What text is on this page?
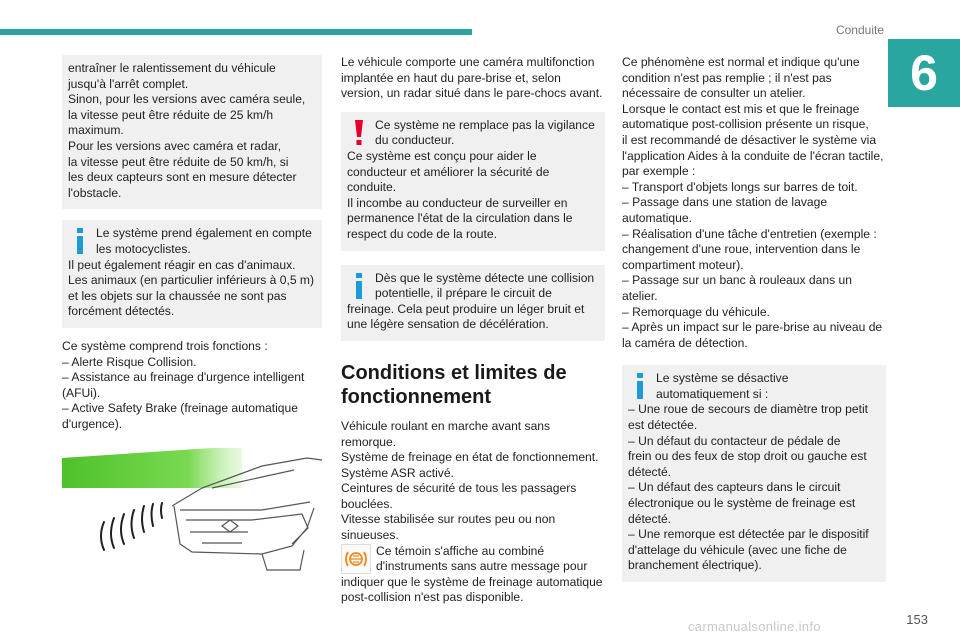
Conduite
6

entraîner le ralentissement du véhicule

jusqu'à l'arrêt complet.

Sinon, pour les versions avec caméra seule,

la vitesse peut être réduite de 25 km/h

maximum.

Pour les versions avec caméra et radar,

la vitesse peut être réduite de 50 km/h, si

les deux capteurs sont en mesure détecter

l'obstacle.

Le système prend également en compte

les motocyclistes.

Il peut également réagir en cas d'animaux.

Les animaux (en particulier inférieurs à 0,5 m)

et les objets sur la chaussée ne sont pas

forcément détectés.

Ce système comprend trois fonctions :

– Alerte Risque Collision.

– Assistance au freinage d'urgence intelligent

(AFUi).

– Active Safety Brake (freinage automatique

d'urgence).

Le véhicule comporte une caméra multifonction

implantée en haut du pare-brise et, selon

version, un radar situé dans le pare-chocs avant.

Ce système ne remplace pas la vigilance

du conducteur.

Ce système est conçu pour aider le

conducteur et améliorer la sécurité de

conduite.

Il incombe au conducteur de surveiller en

permanence l'état de la circulation dans le

respect du code de la route.

Dès que le système détecte une collision

potentielle, il prépare le circuit de

freinage. Cela peut produire un léger bruit et

une légère sensation de décélération.

Conditions et limites de

fonctionnement

Véhicule roulant en marche avant sans

remorque.

Système de freinage en état de fonctionnement.

Système ASR activé.

Ceintures de sécurité de tous les passagers

bouclées.

Vitesse stabilisée sur routes peu ou non

sinueuses.

Ce témoin s'affiche au combiné

d'instruments sans autre message pour

indiquer que le système de freinage automatique

post-collision n'est pas disponible.

Ce phénomène est normal et indique qu'une

condition n'est pas remplie ; il n'est pas

nécessaire de consulter un atelier.

Lorsque le contact est mis et que le freinage

automatique post-collision présente un risque,

il est recommandé de désactiver le système via

l'application Aides à la conduite de l'écran tactile,

par exemple :

– Transport d'objets longs sur barres de toit.

– Passage dans une station de lavage

automatique.

– Réalisation d'une tâche d'entretien (exemple :

changement d'une roue, intervention dans le

compartiment moteur).

– Passage sur un banc à rouleaux dans un

atelier.

– Remorquage du véhicule.

– Après un impact sur le pare-brise au niveau de

la caméra de détection.

Le système se désactive

automatiquement si :

– Une roue de secours de diamètre trop petit

est détectée.

– Un défaut du contacteur de pédale de

frein ou des feux de stop droit ou gauche est

détecté.

– Un défaut des capteurs dans le circuit

électronique ou le système de freinage est

détecté.

– Une remorque est détectée par le dispositif

d'attelage du véhicule (avec une fiche de

branchement électrique).

carmanualsonline.info	153
